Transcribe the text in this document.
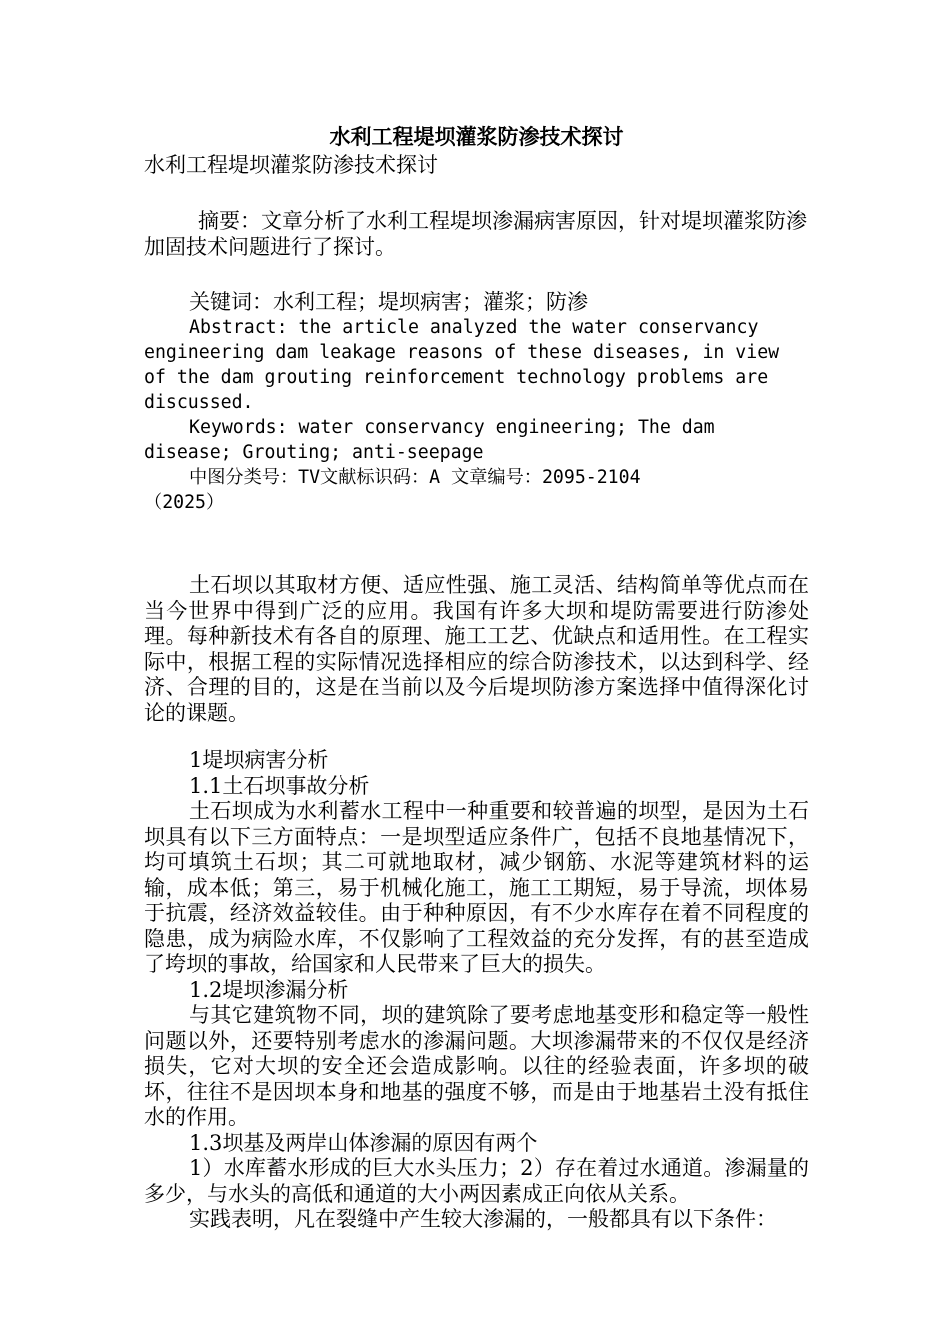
水利工程堤坝灌浆防渗技术探讨

水利工程堤坝灌浆防渗技术探讨

摘要：文章分析了水利工程堤坝渗漏病害原因，针对堤坝灌浆防渗加固技术问题进行了探讨。

关键词：水利工程；堤坝病害；灌浆；防渗

Abstract: the article analyzed the water conservancy engineering dam leakage reasons of these diseases, in view of the dam grouting reinforcement technology problems are discussed.

Keywords: water conservancy engineering; The dam disease; Grouting; anti-seepage

中图分类号：TV文献标识码：A 文章编号：2095-2104（2025）

土石坝以其取材方便、适应性强、施工灵活、结构简单等优点而在当今世界中得到广泛的应用。我国有许多大坝和堤防需要进行防渗处理。每种新技术有各自的原理、施工工艺、优缺点和适用性。在工程实际中，根据工程的实际情况选择相应的综合防渗技术，以达到科学、经济、合理的目的，这是在当前以及今后堤坝防渗方案选择中值得深化讨论的课题。

1堤坝病害分析

1.1土石坝事故分析

土石坝成为水利蓄水工程中一种重要和较普遍的坝型，是因为土石坝具有以下三方面特点：一是坝型适应条件广，包括不良地基情况下，均可填筑土石坝；其二可就地取材，减少钢筋、水泥等建筑材料的运输，成本低；第三，易于机械化施工，施工工期短，易于导流，坝体易于抗震，经济效益较佳。由于种种原因，有不少水库存在着不同程度的隐患，成为病险水库，不仅影响了工程效益的充分发挥，有的甚至造成了垮坝的事故，给国家和人民带来了巨大的损失。

1.2堤坝渗漏分析

与其它建筑物不同，坝的建筑除了要考虑地基变形和稳定等一般性问题以外，还要特别考虑水的渗漏问题。大坝渗漏带来的不仅仅是经济损失，它对大坝的安全还会造成影响。以往的经验表面，许多坝的破坏，往往不是因坝本身和地基的强度不够，而是由于地基岩土没有抵住水的作用。

1.3坝基及两岸山体渗漏的原因有两个

1）水库蓄水形成的巨大水头压力；2）存在着过水通道。渗漏量的多少，与水头的高低和通道的大小两因素成正向依从关系。

实践表明，凡在裂缝中产生较大渗漏的，一般都具有以下条件：
